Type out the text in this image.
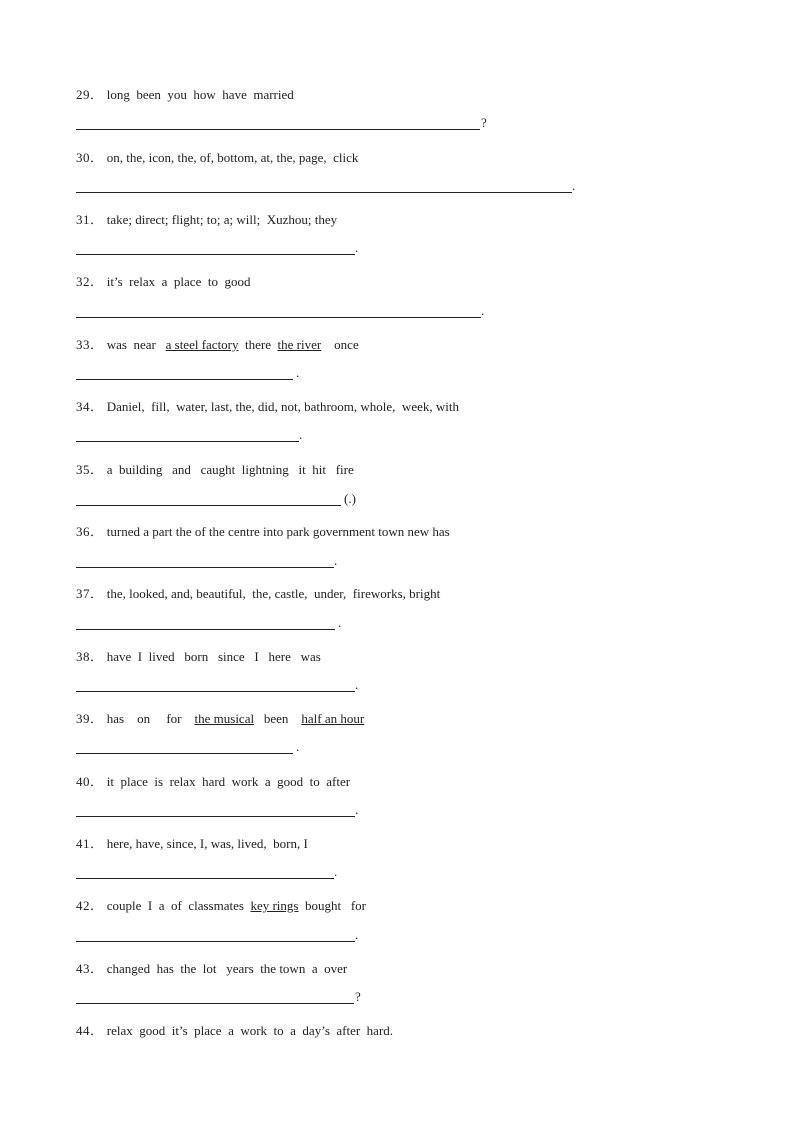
29． long  been  you  how  have  married
?
30． on, the, icon, the, of, bottom, at, the, page,  click
.
31． take; direct; flight; to; a; will;  Xuzhou; they
.
32． it’s  relax  a  place  to  good
.
33． was  near   a steel factory  there  the river    once
.
34． Daniel,  fill,  water, last, the, did, not, bathroom, whole,  week, with
.
35． a  building   and   caught  lightning   it  hit   fire
(.)
36． turned a part the of the centre into park government town new has
.
37． the, looked, and, beautiful,  the, castle,  under,  fireworks, bright
.
38． have  I  lived   born   since   I   here   was
.
39． has    on     for    the musical   been    half an hour
.
40． it  place  is  relax  hard  work  a  good  to  after
.
41． here, have, since, I, was, lived,  born, I
.
42． couple  I  a  of  classmates  key rings  bought   for
.
43． changed  has  the  lot   years  the town  a  over
?
44． relax  good  it’s  place  a  work  to  a  day’s  after  hard.
